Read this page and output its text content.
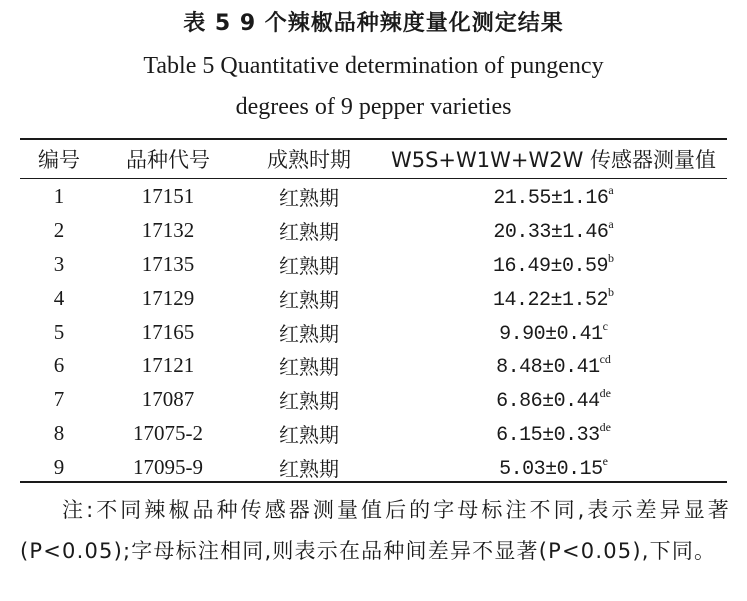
表 5 9 个辣椒品种辣度量化测定结果
Table 5 Quantitative determination of pungency
degrees of 9 pepper varieties
编号	品种代号	成熟时期	W5S+W1W+W2W 传感器测量值
1	17151	红熟期	21.55±1.16$^a$
2	17132	红熟期	20.33±1.46$^a$
3	17135	红熟期	16.49±0.59$^b$
4	17129	红熟期	14.22±1.52$^b$
5	17165	红熟期	9.90±0.41$^c$
6	17121	红熟期	8.48±0.41$^{cd}$
7	17087	红熟期	6.86±0.44de
8	17075-2	红熟期	6.15±0.33de
9	17095-9	红熟期	5.03±0.15$^e$
注:不同辣椒品种传感器测量值后的字母标注不同,表示差异显著(P<0.05);字母标注相同,则表示在品种间差异不显著(P<0.05),下同。
